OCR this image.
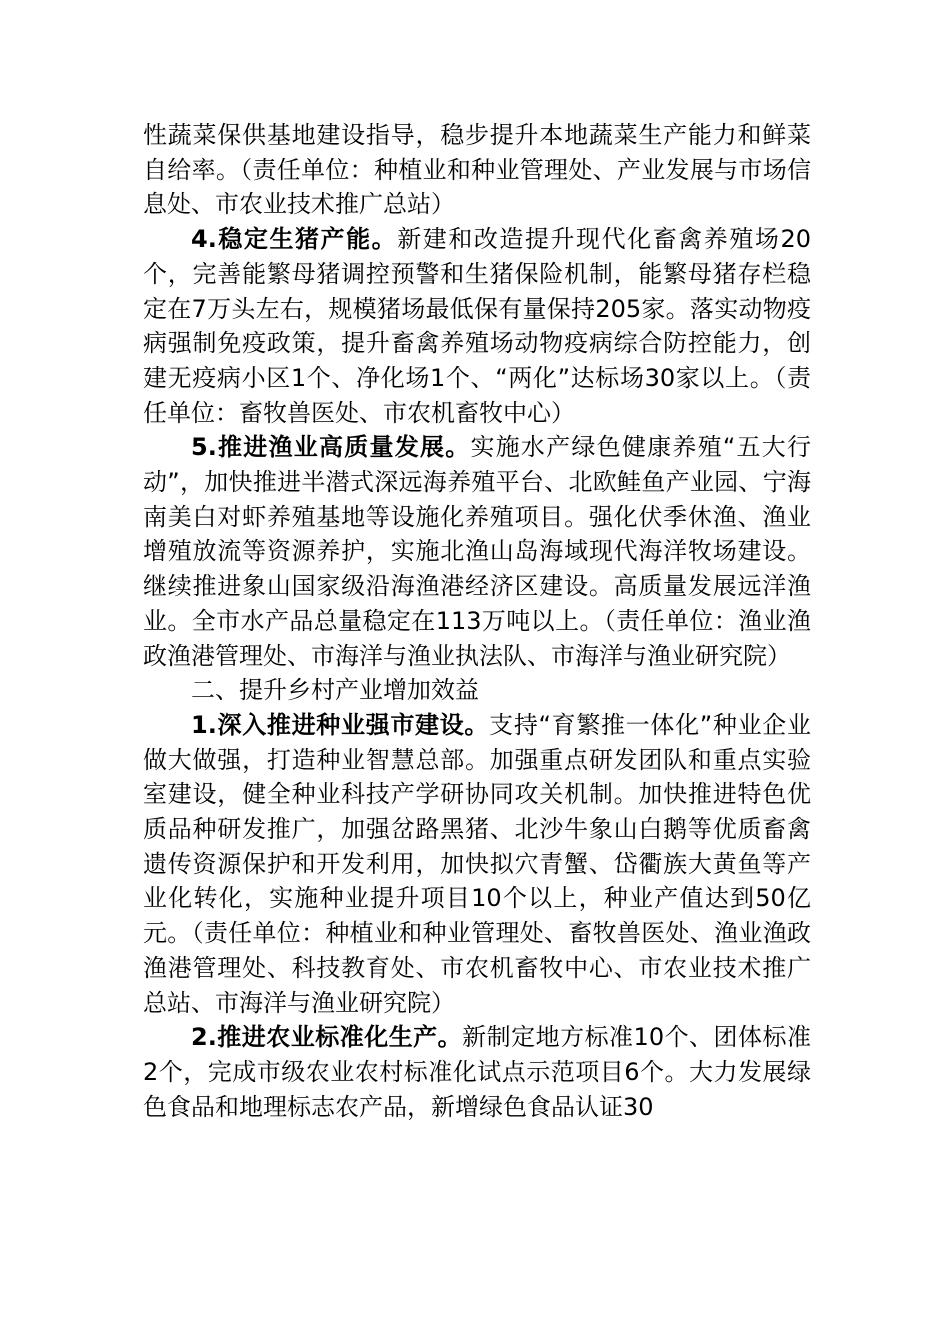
性蔬菜保供基地建设指导，稳步提升本地蔬菜生产能力和鲜菜自给率。（责任单位：种植业和种业管理处、产业发展与市场信息处、市农业技术推广总站）

4.稳定生猪产能。新建和改造提升现代化畜禽养殖场20个，完善能繁母猪调控预警和生猪保险机制，能繁母猪存栏稳定在7万头左右，规模猪场最低保有量保持205家。落实动物疫病强制免疫政策，提升畜禽养殖场动物疫病综合防控能力，创建无疫病小区1个、净化场1个、“两化”达标场30家以上。（责任单位：畜牧兽医处、市农机畜牧中心）

5.推进渔业高质量发展。实施水产绿色健康养殖“五大行动”，加快推进半潜式深远海养殖平台、北欧鲑鱼产业园、宁海南美白对虾养殖基地等设施化养殖项目。强化伏季休渔、渔业增殖放流等资源养护，实施北渔山岛海域现代海洋牧场建设。继续推进象山国家级沿海渔港经济区建设。高质量发展远洋渔业。全市水产品总量稳定在113万吨以上。（责任单位：渔业渔政渔港管理处、市海洋与渔业执法队、市海洋与渔业研究院）

二、提升乡村产业增加效益

1.深入推进种业强市建设。支持“育繁推一体化”种业企业做大做强，打造种业智慧总部。加强重点研发团队和重点实验室建设，健全种业科技产学研协同攻关机制。加快推进特色优质品种研发推广，加强岔路黑猪、北沙牛象山白鹅等优质畜禽遗传资源保护和开发利用，加快拟穴青蟹、岱衢族大黄鱼等产业化转化，实施种业提升项目10个以上，种业产值达到50亿元。（责任单位：种植业和种业管理处、畜牧兽医处、渔业渔政渔港管理处、科技教育处、市农机畜牧中心、市农业技术推广总站、市海洋与渔业研究院）

2.推进农业标准化生产。新制定地方标准10个、团体标准2个，完成市级农业农村标准化试点示范项目6个。大力发展绿色食品和地理标志农产品，新增绿色食品认证30
